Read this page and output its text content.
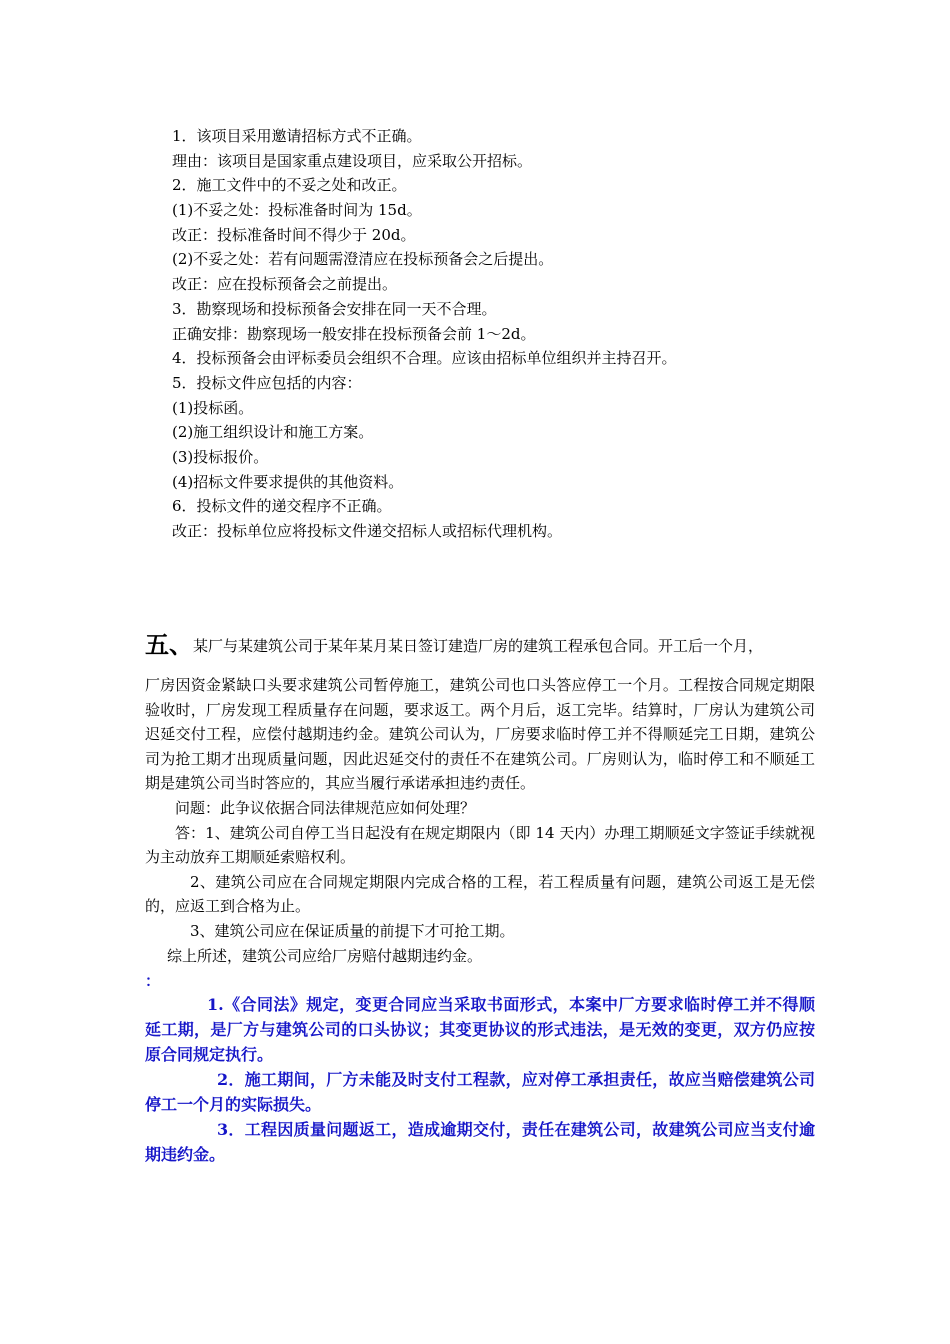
1．该项目采用邀请招标方式不正确。
理由：该项目是国家重点建设项目，应采取公开招标。
2．施工文件中的不妥之处和改正。
(1)不妥之处：投标准备时间为 15d。
改正：投标准备时间不得少于 20d。
(2)不妥之处：若有问题需澄清应在投标预备会之后提出。
改正：应在投标预备会之前提出。
3．勘察现场和投标预备会安排在同一天不合理。
正确安排：勘察现场一般安排在投标预备会前 1～2d。
4．投标预备会由评标委员会组织不合理。应该由招标单位组织并主持召开。
5．投标文件应包括的内容：
(1)投标函。
(2)施工组织设计和施工方案。
(3)投标报价。
(4)招标文件要求提供的其他资料。
6．投标文件的递交程序不正确。
改正：投标单位应将投标文件递交招标人或招标代理机构。
五、某厂与某建筑公司于某年某月某日签订建造厂房的建筑工程承包合同。开工后一个月，

厂房因资金紧缺口头要求建筑公司暂停施工，建筑公司也口头答应停工一个月。工程按合同规定期限验收时，厂房发现工程质量存在问题，要求返工。两个月后，返工完毕。结算时，厂房认为建筑公司迟延交付工程，应偿付越期违约金。建筑公司认为，厂房要求临时停工并不得顺延完工日期，建筑公司为抢工期才出现质量问题，因此迟延交付的责任不在建筑公司。厂房则认为，临时停工和不顺延工期是建筑公司当时答应的，其应当履行承诺承担违约责任。

问题：此争议依据合同法律规范应如何处理？

答：1、建筑公司自停工当日起没有在规定期限内（即 14 天内）办理工期顺延文字签证手续就视为主动放弃工期顺延索赔权利。

2、建筑公司应在合同规定期限内完成合格的工程，若工程质量有问题，建筑公司返工是无偿的，应返工到合格为止。

3、建筑公司应在保证质量的前提下才可抢工期。

综上所述，建筑公司应给厂房赔付越期违约金。

：

1.《合同法》规定，变更合同应当采取书面形式，本案中厂方要求临时停工并不得顺延工期，是厂方与建筑公司的口头协议；其变更协议的形式违法，是无效的变更，双方仍应按原合同规定执行。

2．施工期间，厂方未能及时支付工程款，应对停工承担责任，故应当赔偿建筑公司停工一个月的实际损失。

3．工程因质量问题返工，造成逾期交付，责任在建筑公司，故建筑公司应当支付逾期违约金。
